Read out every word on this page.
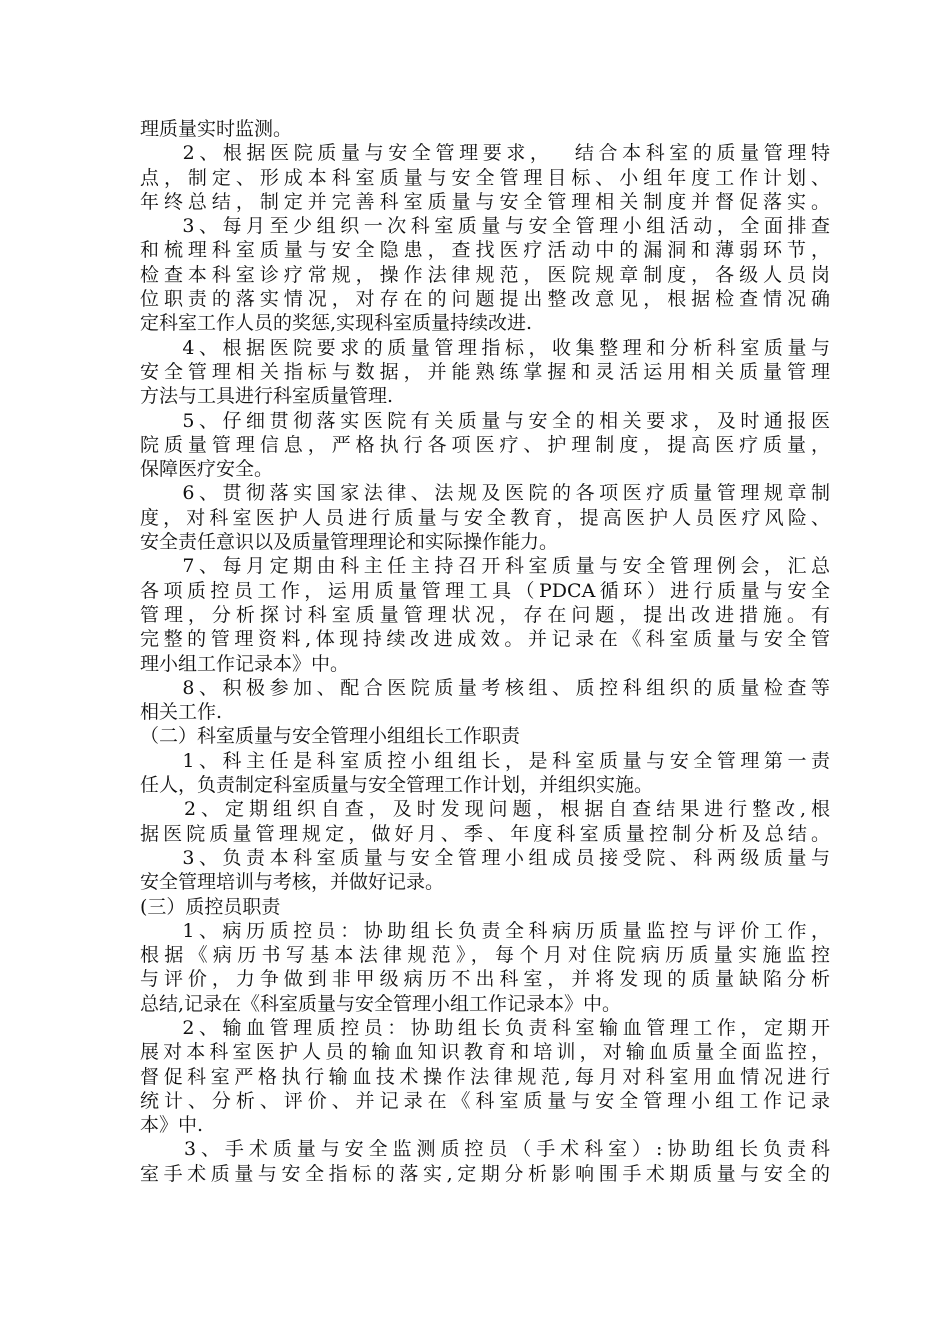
理质量实时监测。
2、根据医院质量与安全管理要求，  结合本科室的质量管理特
点，制定、形成本科室质量与安全管理目标、小组年度工作计划、
年终总结，制定并完善科室质量与安全管理相关制度并督促落实。
3、每月至少组织一次科室质量与安全管理小组活动，全面排查
和梳理科室质量与安全隐患，查找医疗活动中的漏洞和薄弱环节，
检查本科室诊疗常规，操作法律规范，医院规章制度，各级人员岗
位职责的落实情况，对存在的问题提出整改意见，根据检查情况确
定科室工作人员的奖惩,实现科室质量持续改进.
4、根据医院要求的质量管理指标，收集整理和分析科室质量与
安全管理相关指标与数据，并能熟练掌握和灵活运用相关质量管理
方法与工具进行科室质量管理.
5、仔细贯彻落实医院有关质量与安全的相关要求，及时通报医
院质量管理信息，严格执行各项医疗、护理制度，提高医疗质量，
保障医疗安全。
6、贯彻落实国家法律、法规及医院的各项医疗质量管理规章制
度，对科室医护人员进行质量与安全教育，提高医护人员医疗风险、
安全责任意识以及质量管理理论和实际操作能力。
7、每月定期由科主任主持召开科室质量与安全管理例会，汇总
各项质控员工作，运用质量管理工具（PDCA循环）进行质量与安全
管理，分析探讨科室质量管理状况，存在问题，提出改进措施。有
完整的管理资料,体现持续改进成效。并记录在《科室质量与安全管
理小组工作记录本》中。
8、积极参加、配合医院质量考核组、质控科组织的质量检查等
相关工作.
（二）科室质量与安全管理小组组长工作职责
1、科主任是科室质控小组组长，是科室质量与安全管理第一责
任人，负责制定科室质量与安全管理工作计划，并组织实施。
2、定期组织自查，及时发现问题，根据自查结果进行整改,根
据医院质量管理规定，做好月、季、年度科室质量控制分析及总结。
3、负责本科室质量与安全管理小组成员接受院、科两级质量与
安全管理培训与考核，并做好记录。
(三）质控员职责
1、病历质控员：协助组长负责全科病历质量监控与评价工作，
根据《病历书写基本法律规范》，每个月对住院病历质量实施监控
与评价，力争做到非甲级病历不出科室，并将发现的质量缺陷分析
总结,记录在《科室质量与安全管理小组工作记录本》中。
2、输血管理质控员：协助组长负责科室输血管理工作，定期开
展对本科室医护人员的输血知识教育和培训，对输血质量全面监控，
督促科室严格执行输血技术操作法律规范,每月对科室用血情况进行
统计、分析、评价、并记录在《科室质量与安全管理小组工作记录
本》中.
3、手术质量与安全监测质控员（手术科室）:协助组长负责科
室手术质量与安全指标的落实,定期分析影响围手术期质量与安全的
